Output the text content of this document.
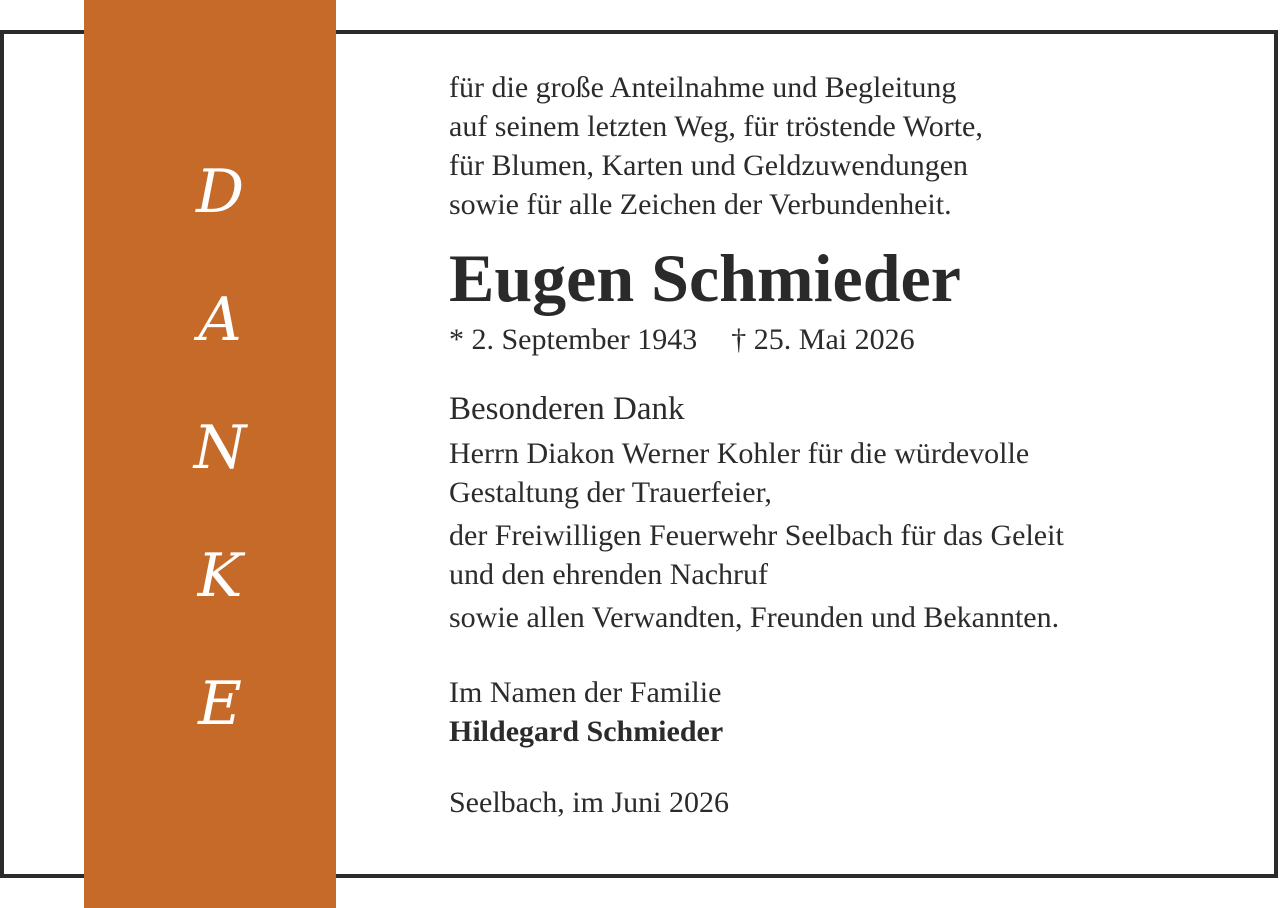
D
A
N
K
E

für die große Anteilnahme und Begleitung

auf seinem letzten Weg, für tröstende Worte,

für Blumen, Karten und Geldzuwendungen

sowie für alle Zeichen der Verbundenheit.

Eugen Schmieder

* 2. September 1943 † 25. Mai 2026

Besonderen Dank

Herrn Diakon Werner Kohler für die würdevolle
Gestaltung der Trauerfeier,

der Freiwilligen Feuerwehr Seelbach für das Geleit
und den ehrenden Nachruf

sowie allen Verwandten, Freunden und Bekannten.

Im Namen der Familie

Hildegard Schmieder

Seelbach, im Juni 2026
